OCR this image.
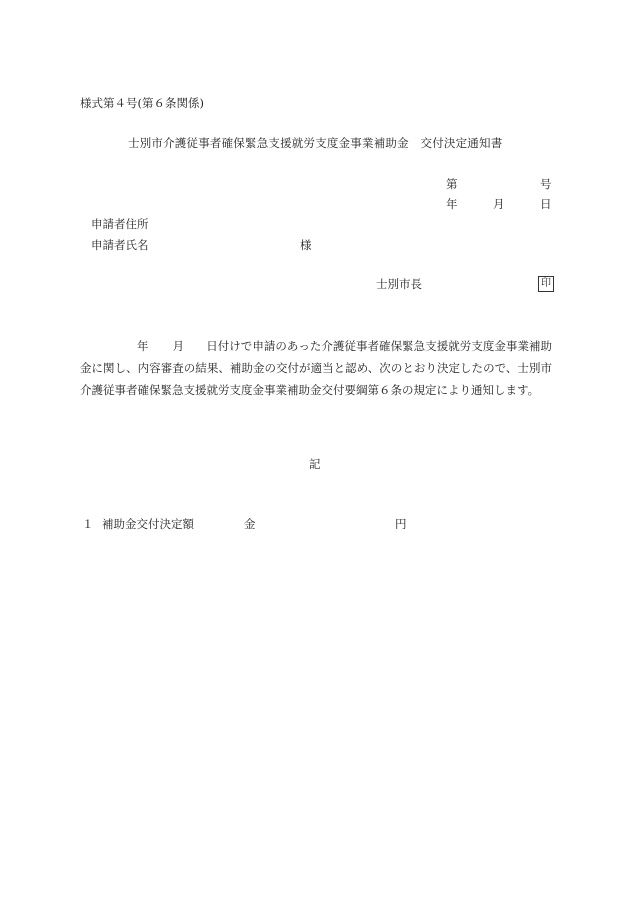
様式第４号(第６条関係)
士別市介護従事者確保緊急支援就労支度金事業補助金　交付決定通知書
第	号
年	月	日
申請者住所
申請者氏名	様
士別市長	印
年 月 日付けで申請のあった介護従事者確保緊急支援就労支度金事業補助金に関し、内容審査の結果、補助金の交付が適当と認め、次のとおり決定したので、士別市介護従事者確保緊急支援就労支度金事業補助金交付要綱第６条の規定により通知します。
記
１ 補助金交付決定額	金	円
